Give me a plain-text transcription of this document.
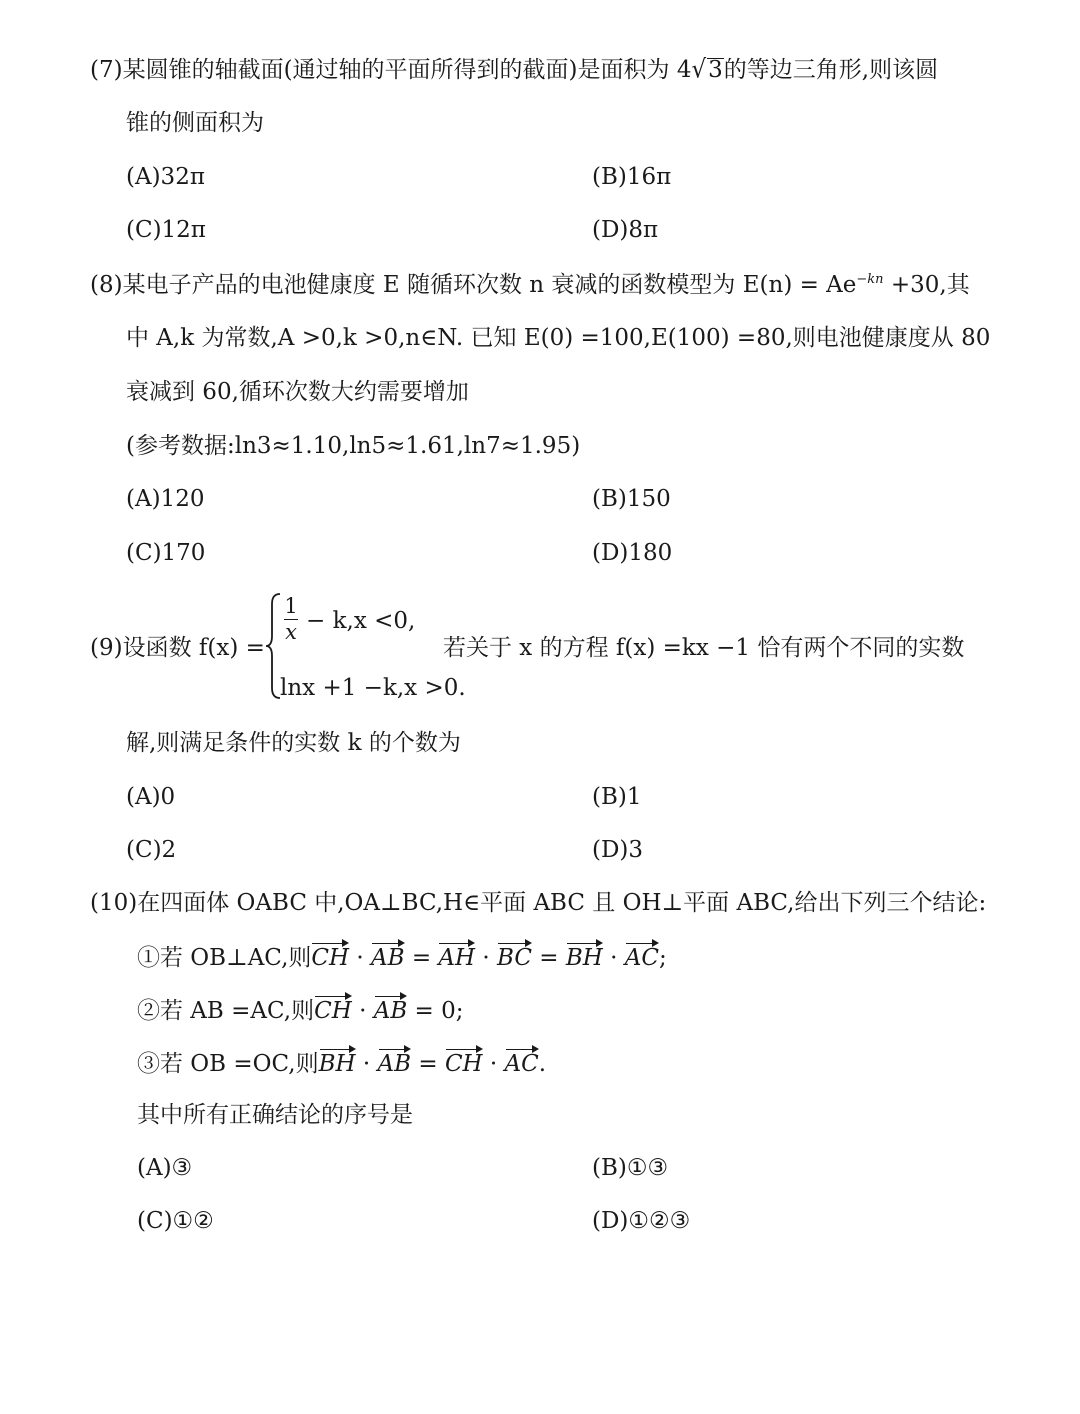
(7)某圆锥的轴截面(通过轴的平面所得到的截面)是面积为 4√3的等边三角形,则该圆
锥的侧面积为
(A)32π	(B)16π
(C)12π	(D)8π
(8)某电子产品的电池健康度 E 随循环次数 n 衰减的函数模型为 $E(n) = Ae^{-kn} +30$,其
中 A,k 为常数,A >0,k >0,n∈N. 已知 E(0) =100,E(100) =80,则电池健康度从 80
衰减到 60,循环次数大约需要增加
(参考数据:ln3≈1.10,ln5≈1.61,ln7≈1.95)
(A)120	(B)150
(C)170	(D)180
(9)设函数 f(x) =
1
x − k,x <0,
lnx +1 −k,x >0.
若关于 x 的方程 f(x) =kx −1 恰有两个不同的实数
解,则满足条件的实数 k 的个数为
(A)0	(B)1
(C)2	(D)3
(10)在四面体 OABC 中,OA⊥BC,H∈平面 ABC 且 OH⊥平面 ABC,给出下列三个结论:
①若 OB⊥AC,则CH · AB = AH · BC = BH · AC;
②若 AB =AC,则CH · AB = 0;
③若 OB =OC,则BH · AB = CH · AC.
其中所有正确结论的序号是
(A)③	(B)①③
(C)①②	(D)①②③
